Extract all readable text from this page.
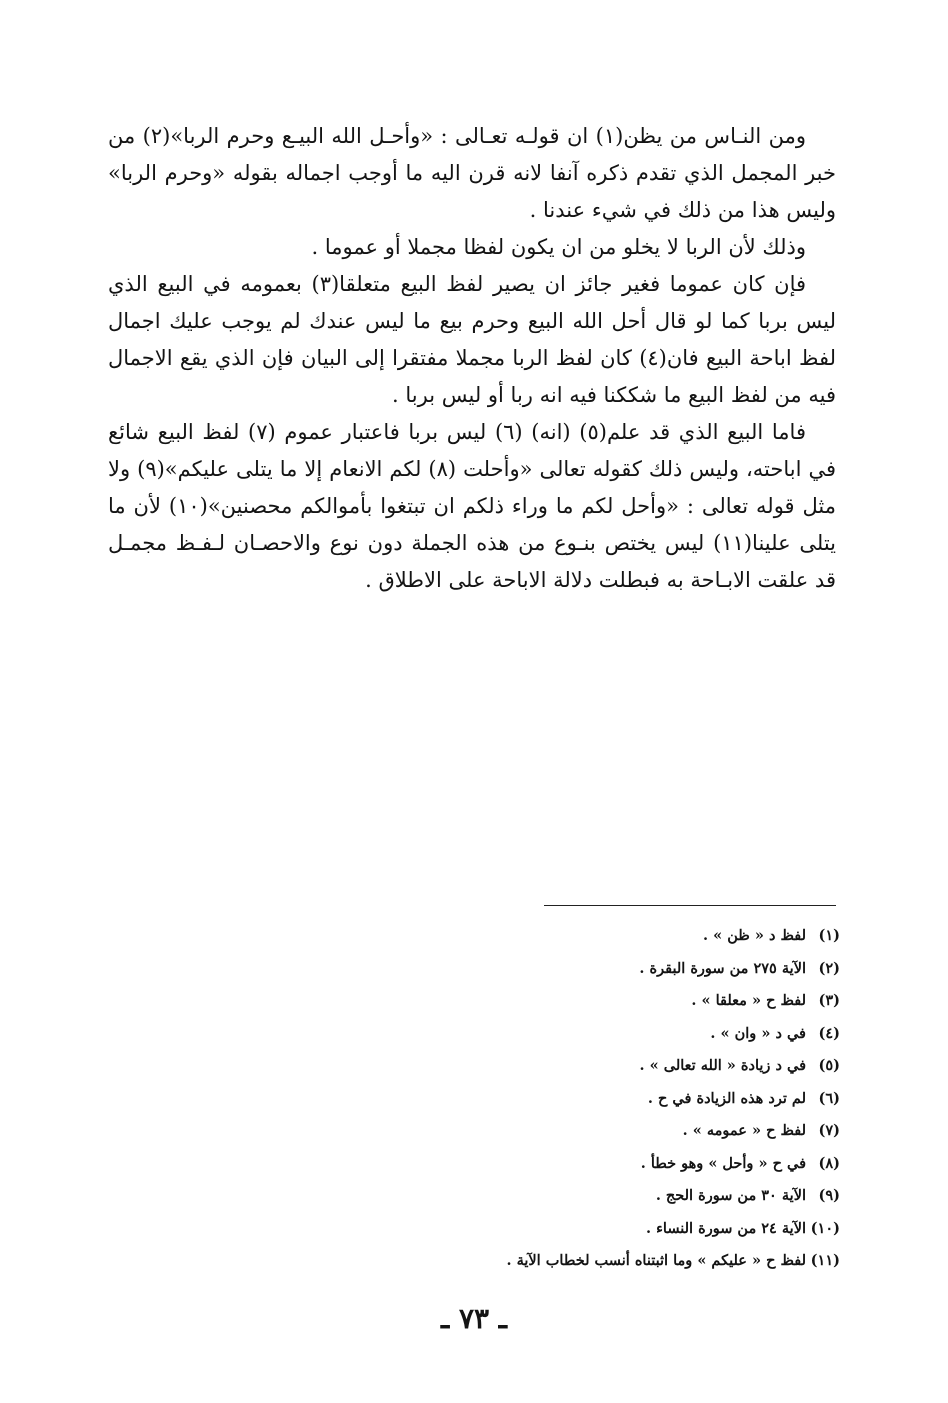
ومن النـاس من يظن(١) ان قولـه تعـالى : «وأحـل الله البيـع وحرم الربا»(٢) من خبر المجمل الذي تقدم ذكره آنفا لانه قرن اليه ما أوجب اجماله بقوله «وحرم الربا» وليس هذا من ذلك في شيء عندنا .

وذلك لأن الربا لا يخلو من ان يكون لفظا مجملا أو عموما .

فإن كان عموما فغير جائز ان يصير لفظ البيع متعلقا(٣) بعمومه في البيع الذي ليس بربا كما لو قال أحل الله البيع وحرم بيع ما ليس عندك لم يوجب عليك اجمال لفظ اباحة البيع فان(٤) كان لفظ الربا مجملا مفتقرا إلى البيان فإن الذي يقع الاجمال فيه من لفظ البيع ما شككنا فيه انه ربا أو ليس بربا .

فاما البيع الذي قد علم(٥) (انه) (٦) ليس بربا فاعتبار عموم (٧) لفظ البيع شائع في اباحته، وليس ذلك كقوله تعالى «وأحلت (٨) لكم الانعام إلا ما يتلى عليكم»(٩) ولا مثل قوله تعالى : «وأحل لكم ما وراء ذلكم ان تبتغوا بأموالكم محصنين»(١٠) لأن ما يتلى علينا(١١) ليس يختص بنـوع من هذه الجملة دون نوع والاحصـان لـفـظ مجمـل قد علقت الابـاحة به فبطلت دلالة الاباحة على الاطلاق .

(١)لفظ د « ظن » .
(٢)الآية ٢٧٥ من سورة البقرة .
(٣)لفظ ح « معلقا » .
(٤)في د « وان » .
(٥)في د زيادة « الله تعالى » .
(٦)لم ترد هذه الزيادة في ح .
(٧)لفظ ح « عمومه » .
(٨)في ح « وأحل » وهو خطأ .
(٩)الآية ٣٠ من سورة الحج .
(١٠)الآية ٢٤ من سورة النساء .
(١١)لفظ ح « عليكم » وما اثبتناه أنسب لخطاب الآية .
ـ ٧٣ ـ
